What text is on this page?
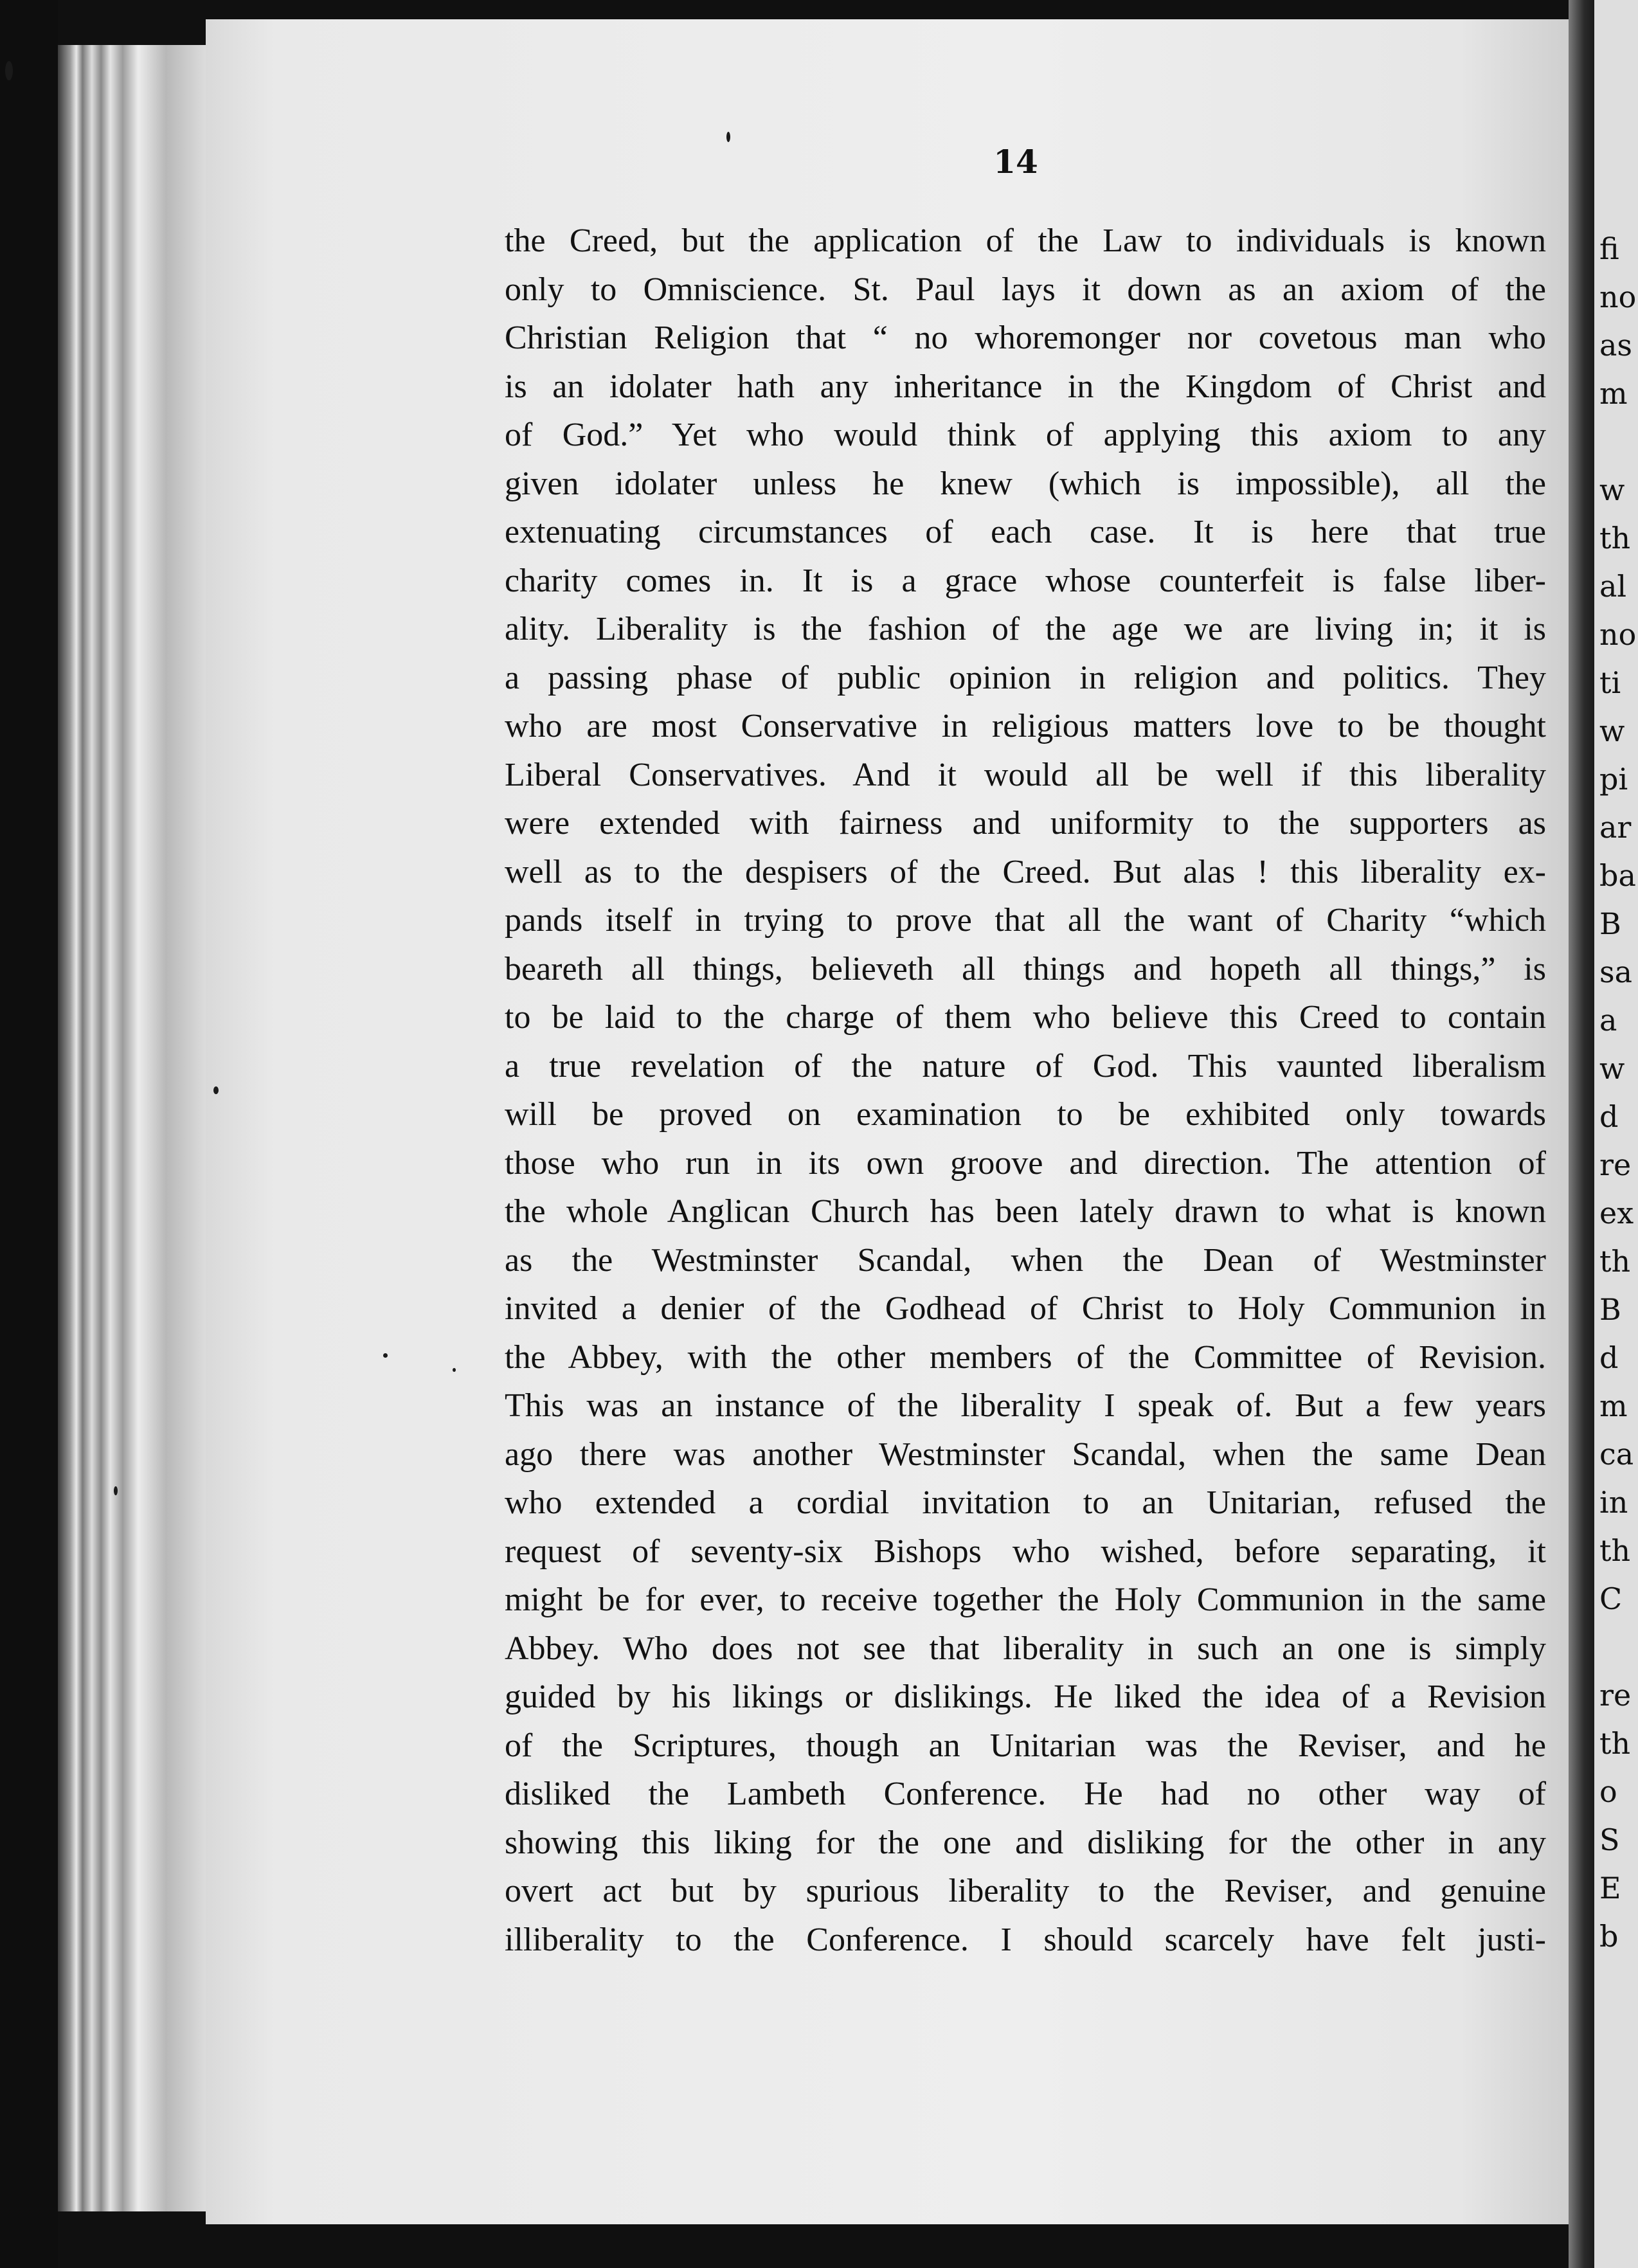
14
the Creed, but the application of the Law to individuals is known
only to Omniscience. St. Paul lays it down as an axiom of the
Christian Religion that “ no whoremonger nor covetous man who
is an idolater hath any inheritance in the Kingdom of Christ and
of God.” Yet who would think of applying this axiom to any
given idolater unless he knew (which is impossible), all the
extenuating circumstances of each case. It is here that true
charity comes in. It is a grace whose counterfeit is false liber-
ality. Liberality is the fashion of the age we are living in; it is
a passing phase of public opinion in religion and politics. They
who are most Conservative in religious matters love to be thought
Liberal Conservatives. And it would all be well if this liberality
were extended with fairness and uniformity to the supporters as
well as to the despisers of the Creed. But alas ! this liberality ex-
pands itself in trying to prove that all the want of Charity “which
beareth all things, believeth all things and hopeth all things,” is
to be laid to the charge of them who believe this Creed to contain
a true revelation of the nature of God. This vaunted liberalism
will be proved on examination to be exhibited only towards
those who run in its own groove and direction. The attention of
the whole Anglican Church has been lately drawn to what is known
as the Westminster Scandal, when the Dean of Westminster
invited a denier of the Godhead of Christ to Holy Communion in
the Abbey, with the other members of the Committee of Revision.
This was an instance of the liberality I speak of. But a few years
ago there was another Westminster Scandal, when the same Dean
who extended a cordial invitation to an Unitarian, refused the
request of seventy-six Bishops who wished, before separating, it
might be for ever, to receive together the Holy Communion in the same
Abbey. Who does not see that liberality in such an one is simply
guided by his likings or dislikings. He liked the idea of a Revision
of the Scriptures, though an Unitarian was the Reviser, and he
disliked the Lambeth Conference. He had no other way of
showing this liking for the one and disliking for the other in any
overt act but by spurious liberality to the Reviser, and genuine
illiberality to the Conference. I should scarcely have felt justi-
fi
no
as
m
w
th
al
no
ti
w
pi
ar
ba
B
sa
a
w
d
re
ex
th
B
d
m
ca
in
th
C
re
th
o
S
E
b
